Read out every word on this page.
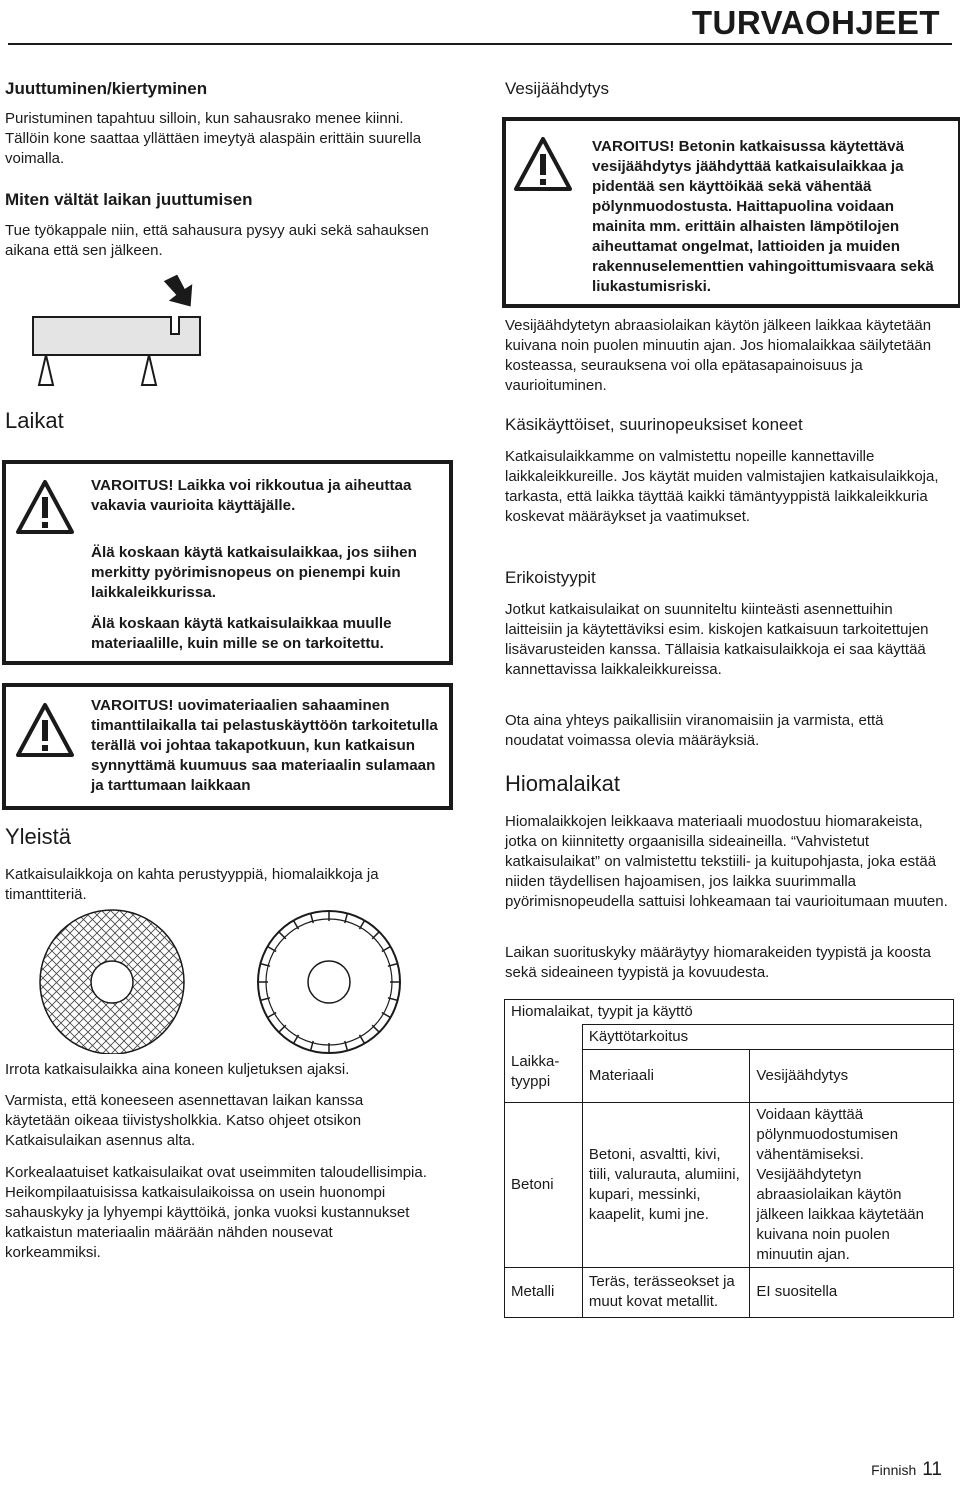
TURVAOHJEET
Juuttuminen/kiertyminen

Puristuminen tapahtuu silloin, kun sahausrako menee kiinni. Tällöin kone saattaa yllättäen imeytyä alaspäin erittäin suurella voimalla.

Miten vältät laikan juuttumisen

Tue työkappale niin, että sahausura pysyy auki sekä sahauksen aikana että sen jälkeen.

Laikat
VAROITUS! Laikka voi rikkoutua ja aiheuttaa vakavia vaurioita käyttäjälle.
Älä koskaan käytä katkaisulaikkaa, jos siihen merkitty pyörimisnopeus on pienempi kuin laikkaleikkurissa.
Älä koskaan käytä katkaisulaikkaa muulle materiaalille, kuin mille se on tarkoitettu.
VAROITUS! uovimateriaalien sahaaminen timanttilaikalla tai pelastuskäyttöön tarkoitetulla terällä voi johtaa takapotkuun, kun katkaisun synnyttämä kuumuus saa materiaalin sulamaan ja tarttumaan laikkaan
Yleistä

Katkaisulaikkoja on kahta perustyyppiä, hiomalaikkoja ja timanttiteriä.

Irrota katkaisulaikka aina koneen kuljetuksen ajaksi.

Varmista, että koneeseen asennettavan laikan kanssa käytetään oikeaa tiivistysholkkia. Katso ohjeet otsikon Katkaisulaikan asennus alta.

Korkealaatuiset katkaisulaikat ovat useimmiten taloudellisimpia. Heikompilaatuisissa katkaisulaikoissa on usein huonompi sahauskyky ja lyhyempi käyttöikä, jonka vuoksi kustannukset katkaistun materiaalin määrään nähden nousevat korkeammiksi.

Vesijäähdytys
VAROITUS! Betonin katkaisussa käytettävä vesijäähdytys jäähdyttää katkaisulaikkaa ja pidentää sen käyttöikää sekä vähentää pölynmuodostusta. Haittapuolina voidaan mainita mm. erittäin alhaisten lämpötilojen aiheuttamat ongelmat, lattioiden ja muiden rakennuselementtien vahingoittumisvaara sekä liukastumisriski.

Vesijäähdytetyn abraasiolaikan käytön jälkeen laikkaa käytetään kuivana noin puolen minuutin ajan. Jos hiomalaikkaa säilytetään kosteassa, seurauksena voi olla epätasapainoisuus ja vaurioituminen.

Käsikäyttöiset, suurinopeuksiset koneet

Katkaisulaikkamme on valmistettu nopeille kannettaville laikkaleikkureille. Jos käytät muiden valmistajien katkaisulaikkoja, tarkasta, että laikka täyttää kaikki tämäntyyppistä laikkaleikkuria koskevat määräykset ja vaatimukset.

Erikoistyypit

Jotkut katkaisulaikat on suunniteltu kiinteästi asennettuihin laitteisiin ja käytettäviksi esim. kiskojen katkaisuun tarkoitettujen lisävarusteiden kanssa. Tällaisia katkaisulaikkoja ei saa käyttää kannettavissa laikkaleikkureissa.

Ota aina yhteys paikallisiin viranomaisiin ja varmista, että noudatat voimassa olevia määräyksiä.

Hiomalaikat

Hiomalaikkojen leikkaava materiaali muodostuu hiomarakeista, jotka on kiinnitetty orgaanisilla sideaineilla. “Vahvistetut katkaisulaikat” on valmistettu tekstiili- ja kuitupohjasta, joka estää niiden täydellisen hajoamisen, jos laikka suurimmalla pyörimisnopeudella sattuisi lohkeamaan tai vaurioitumaan muuten.

Laikan suorituskyky määräytyy hiomarakeiden tyypistä ja koosta sekä sideaineen tyypistä ja kovuudesta.

Hiomalaikat, tyypit ja käyttö		
	Käyttötarkoitus	
Laikka-tyyppi	Materiaali	Vesijäähdytys
Betoni	Betoni, asvaltti, kivi, tiili, valurauta, alumiini, kupari, messinki, kaapelit, kumi jne.	Voidaan käyttää pölynmuodostumisen vähentämiseksi. Vesijäähdytetyn abraasiolaikan käytön jälkeen laikkaa käytetään kuivana noin puolen minuutin ajan.
Metalli	Teräs, terässeokset ja muut kovat metallit.	EI suositella
Finnish 11
